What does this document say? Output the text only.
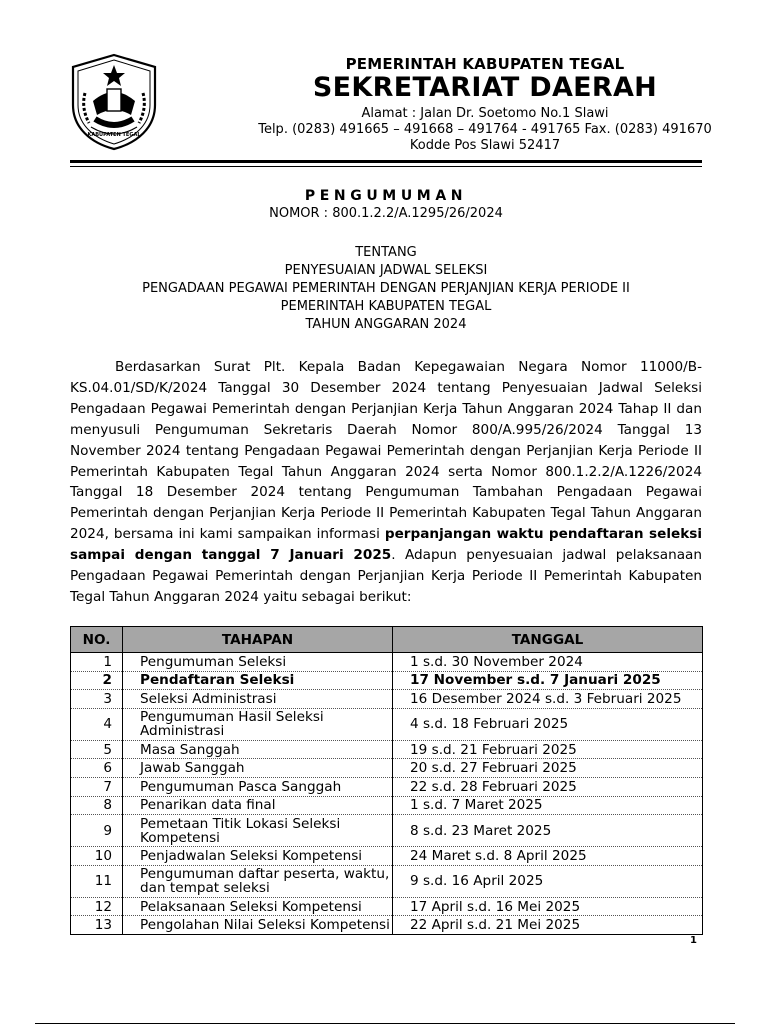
KABUPATEN TEGAL
PEMERINTAH KABUPATEN TEGAL
SEKRETARIAT DAERAH
Alamat : Jalan Dr. Soetomo No.1 Slawi
Telp. (0283) 491665 – 491668 – 491764 - 491765 Fax. (0283) 491670
Kodde Pos Slawi 52417
PENGUMUMAN
NOMOR : 800.1.2.2/A.1295/26/2024
TENTANG
PENYESUAIAN JADWAL SELEKSI
PENGADAAN PEGAWAI PEMERINTAH DENGAN PERJANJIAN KERJA PERIODE II
PEMERINTAH KABUPATEN TEGAL
TAHUN ANGGARAN 2024
Berdasarkan Surat Plt. Kepala Badan Kepegawaian Negara Nomor 11000/B-KS.04.01/SD/K/2024 Tanggal 30 Desember 2024 tentang Penyesuaian Jadwal Seleksi Pengadaan Pegawai Pemerintah dengan Perjanjian Kerja Tahun Anggaran 2024 Tahap II dan menyusuli Pengumuman Sekretaris Daerah Nomor 800/A.995/26/2024 Tanggal 13 November 2024 tentang Pengadaan Pegawai Pemerintah dengan Perjanjian Kerja Periode II Pemerintah Kabupaten Tegal Tahun Anggaran 2024 serta Nomor 800.1.2.2/A.1226/2024 Tanggal 18 Desember 2024 tentang Pengumuman Tambahan Pengadaan Pegawai Pemerintah dengan Perjanjian Kerja Periode II Pemerintah Kabupaten Tegal Tahun Anggaran 2024, bersama ini kami sampaikan informasi perpanjangan waktu pendaftaran seleksi sampai dengan tanggal 7 Januari 2025. Adapun penyesuaian jadwal pelaksanaan Pengadaan Pegawai Pemerintah dengan Perjanjian Kerja Periode II Pemerintah Kabupaten Tegal Tahun Anggaran 2024 yaitu sebagai berikut:
NO.	TAHAPAN	TANGGAL
1	Pengumuman Seleksi	1 s.d. 30 November 2024
2	Pendaftaran Seleksi	17 November s.d. 7 Januari 2025
3	Seleksi Administrasi	16 Desember 2024 s.d. 3 Februari 2025
4	Pengumuman Hasil Seleksi Administrasi	4 s.d. 18 Februari 2025
5	Masa Sanggah	19 s.d. 21 Februari 2025
6	Jawab Sanggah	20 s.d. 27 Februari 2025
7	Pengumuman Pasca Sanggah	22 s.d. 28 Februari 2025
8	Penarikan data final	1 s.d. 7 Maret 2025
9	Pemetaan Titik Lokasi Seleksi Kompetensi	8 s.d. 23 Maret 2025
10	Penjadwalan Seleksi Kompetensi	24 Maret s.d. 8 April 2025
11	Pengumuman daftar peserta, waktu, dan tempat seleksi	9 s.d. 16 April 2025
12	Pelaksanaan Seleksi Kompetensi	17 April s.d. 16 Mei 2025
13	Pengolahan Nilai Seleksi Kompetensi	22 April s.d. 21 Mei 2025
1
